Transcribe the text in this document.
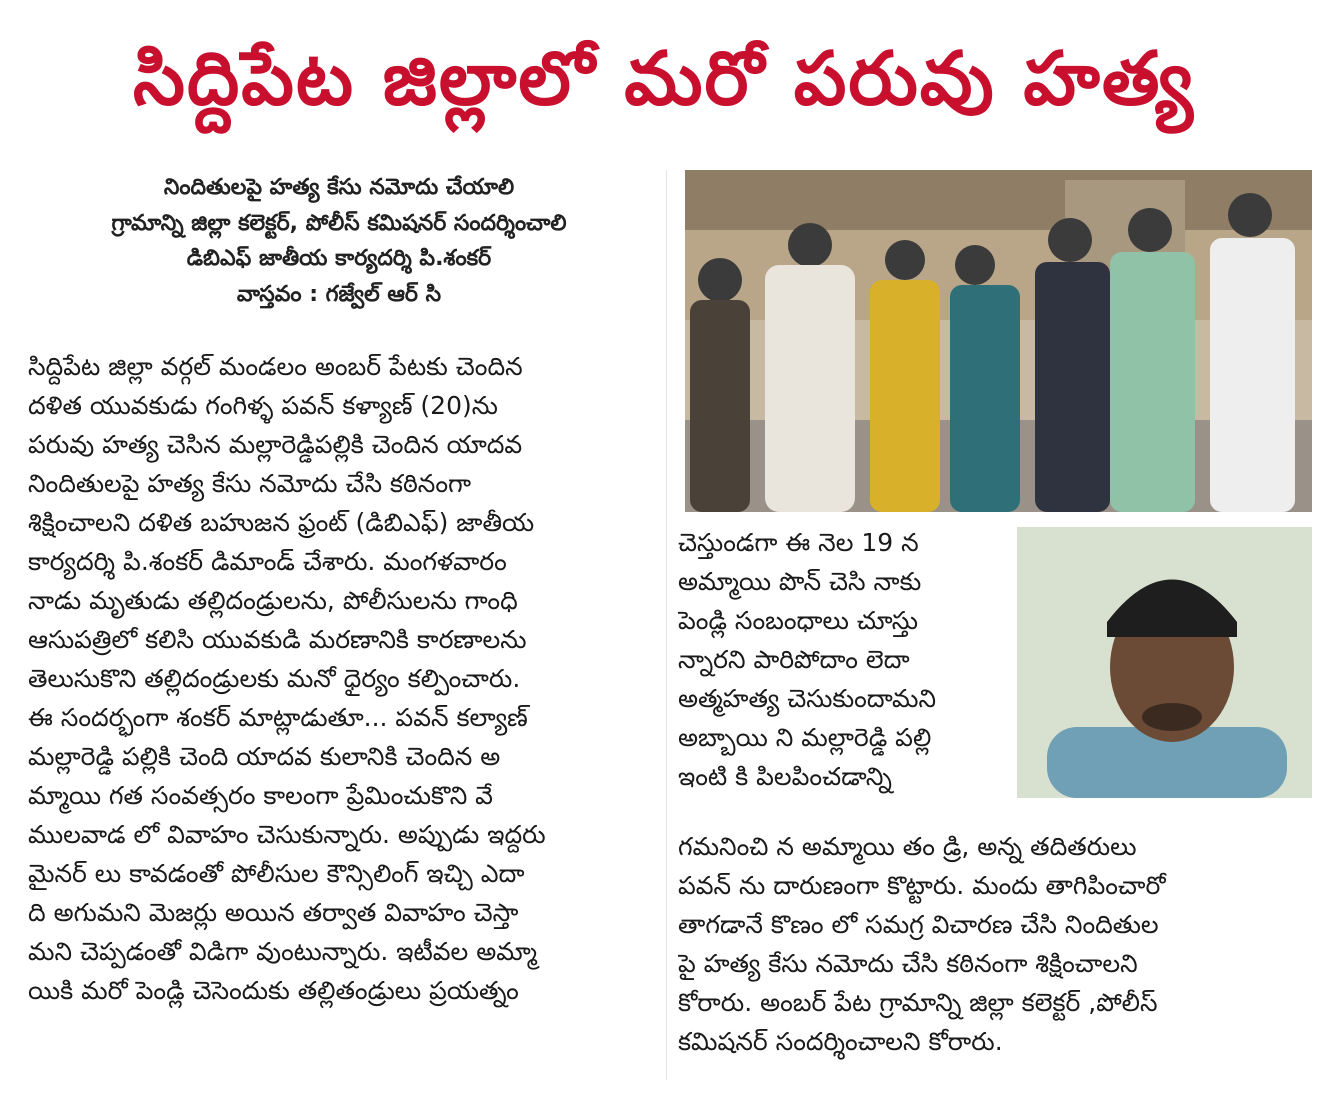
సిద్దిపేట జిల్లాలో మరో పరువు హత్య
నిందితులపై హత్య కేసు నమోదు చేయాలి
గ్రామాన్ని జిల్లా కలెక్టర్, పోలీస్ కమిషనర్ సందర్శించాలి
డిబిఎఫ్ జాతీయ కార్యదర్శి పి.శంకర్
వాస్తవం : గజ్వేల్ ఆర్ సి
సిద్దిపేట జిల్లా వర్గల్ మండలం అంబర్ పేటకు చెందిన
దళిత యువకుడు గంగిళ్ళ పవన్ కళ్యాణ్ (20)ను
పరువు హత్య చెసిన మల్లారెడ్డిపల్లికి చెందిన యాదవ
నిందితులపై హత్య కేసు నమోదు చేసి కఠినంగా
శిక్షించాలని దళిత బహుజన ఫ్రంట్ (డిబిఎఫ్) జాతీయ
కార్యదర్శి పి.శంకర్ డిమాండ్ చేశారు. మంగళవారం
నాడు మృతుడు తల్లిదండ్రులను, పోలీసులను గాంధి
ఆసుపత్రిలో కలిసి యువకుడి మరణానికి కారణాలను
తెలుసుకొని తల్లిదండ్రులకు మనో ధైర్యం కల్పించారు.
ఈ సందర్భంగా శంకర్ మాట్లాడుతూ... పవన్ కల్యాణ్
మల్లారెడ్డి పల్లికి చెంది యాదవ కులానికి చెందిన అ
మ్మాయి గత సంవత్సరం కాలంగా ప్రేమించుకొని వే
ములవాడ లో వివాహం చెసుకున్నారు. అప్పుడు ఇద్దరు
మైనర్ లు కావడంతో పోలీసుల కౌన్సిలింగ్ ఇచ్చి ఎదా
ది అగుమని మెజర్లు అయిన తర్వాత వివాహం చెస్తా
మని చెప్పడంతో విడిగా వుంటున్నారు. ఇటీవల అమ్మా
యికి మరో పెండ్లి చెసెందుకు తల్లితండ్రులు ప్రయత్నం
చెస్తుండగా ఈ నెల 19 న
అమ్మాయి పొన్ చెసి నాకు
పెండ్లి సంబంధాలు చూస్తు
న్నారని పారిపోదాం లెదా
అత్మహత్య చెసుకుందామని
అబ్బాయి ని మల్లారెడ్డి పల్లి
ఇంటి కి పిలపించడాన్ని
గమనించి న అమ్మాయి తం డ్రి, అన్న తదితరులు
పవన్ ను దారుణంగా కొట్టారు. మందు తాగిపించారో
తాగడానే కొణం లో సమగ్ర విచారణ చేసి నిందితుల
పై హత్య కేసు నమోదు చేసి కఠినంగా శిక్షించాలని
కోరారు. అంబర్ పేట గ్రామాన్ని జిల్లా కలెక్టర్ ,పోలీస్
కమిషనర్ సందర్శించాలని కోరారు.
